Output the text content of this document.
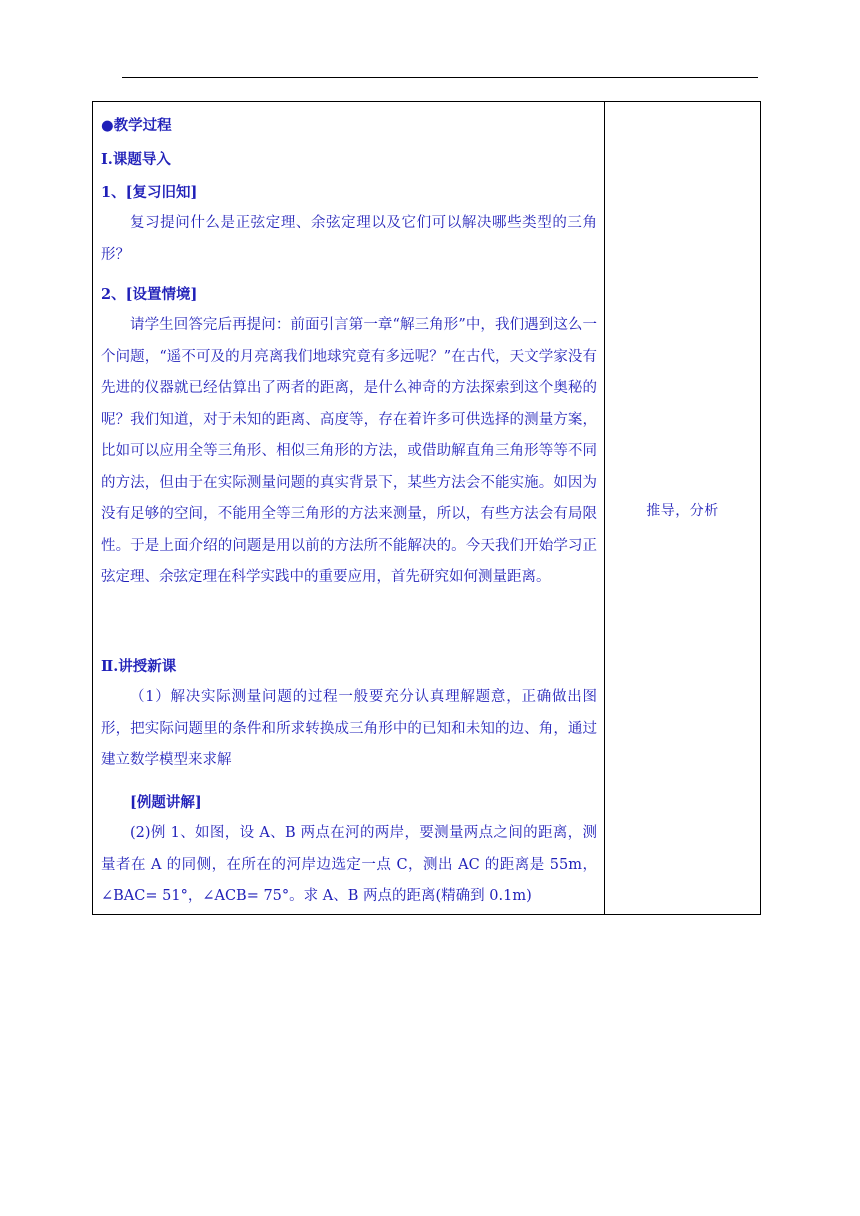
●教学过程
Ⅰ.课题导入
1、[复习旧知]
复习提问什么是正弦定理、余弦定理以及它们可以解决哪些类型的三角形？
2、[设置情境]
请学生回答完后再提问：前面引言第一章“解三角形”中，我们遇到这么一个问题，“遥不可及的月亮离我们地球究竟有多远呢？”在古代，天文学家没有先进的仪器就已经估算出了两者的距离，是什么神奇的方法探索到这个奥秘的呢？我们知道，对于未知的距离、高度等，存在着许多可供选择的测量方案，比如可以应用全等三角形、相似三角形的方法，或借助解直角三角形等等不同的方法，但由于在实际测量问题的真实背景下，某些方法会不能实施。如因为没有足够的空间，不能用全等三角形的方法来测量，所以，有些方法会有局限性。于是上面介绍的问题是用以前的方法所不能解决的。今天我们开始学习正弦定理、余弦定理在科学实践中的重要应用，首先研究如何测量距离。
Ⅱ.讲授新课
（1）解决实际测量问题的过程一般要充分认真理解题意，正确做出图形，把实际问题里的条件和所求转换成三角形中的已知和未知的边、角，通过建立数学模型来求解
[例题讲解]
(2)例 1、如图，设 A、B 两点在河的两岸，要测量两点之间的距离，测量者在 A 的同侧，在所在的河岸边选定一点 C，测出 AC 的距离是 55m，∠BAC= 51°，∠ACB= 75°。求 A、B 两点的距离(精确到 0.1m)
推导，分析
